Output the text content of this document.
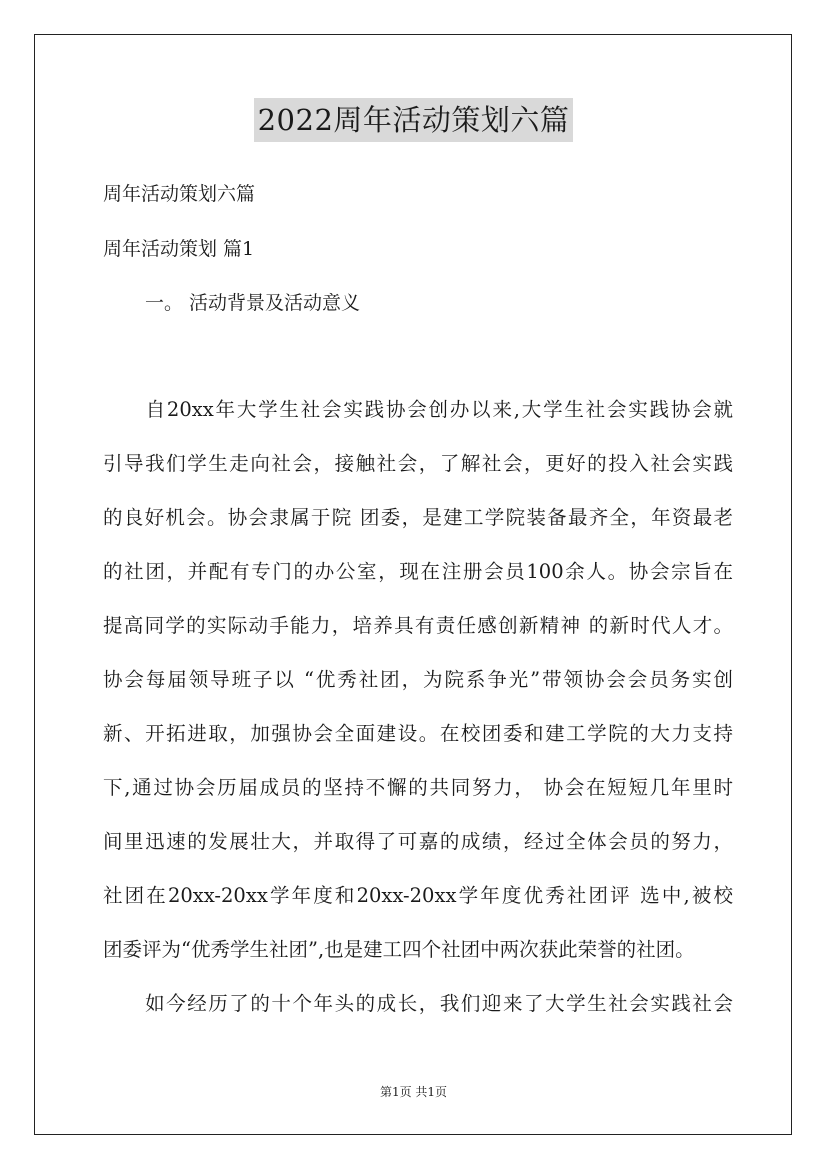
2022周年活动策划六篇
周年活动策划六篇
周年活动策划 篇1
一。 活动背景及活动意义
　　自20xx年大学生社会实践协会创办以来,大学生社会实践协会就
引导我们学生走向社会，接触社会，了解社会，更好的投入社会实践
的良好机会。协会隶属于院 团委，是建工学院装备最齐全，年资最老
的社团，并配有专门的办公室，现在注册会员100余人。协会宗旨在
提高同学的实际动手能力，培养具有责任感创新精神 的新时代人才。
协会每届领导班子以 “优秀社团，为院系争光”带领协会会员务实创
新、开拓进取，加强协会全面建设。在校团委和建工学院的大力支持
下,通过协会历届成员的坚持不懈的共同努力， 协会在短短几年里时
间里迅速的发展壮大，并取得了可嘉的成绩，经过全体会员的努力，
社团在20xx-20xx学年度和20xx-20xx学年度优秀社团评 选中,被校
团委评为“优秀学生社团”,也是建工四个社团中两次获此荣誉的社团。
　　如今经历了的十个年头的成长，我们迎来了大学生社会实践社会
第1页 共1页
